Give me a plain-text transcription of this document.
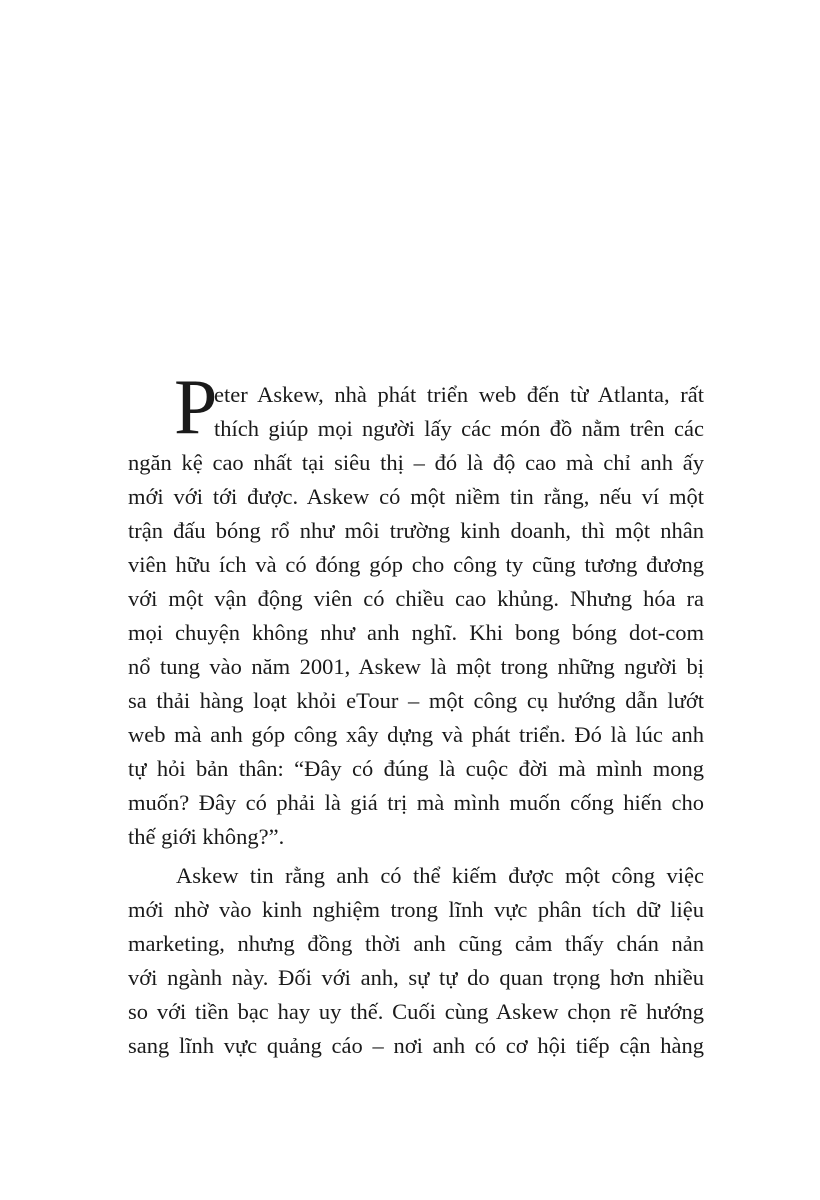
P
eter Askew, nhà phát triển web đến từ Atlanta, rất
thích giúp mọi người lấy các món đồ nằm trên các
ngăn kệ cao nhất tại siêu thị – đó là độ cao mà chỉ anh ấy
mới với tới được. Askew có một niềm tin rằng, nếu ví một
trận đấu bóng rổ như môi trường kinh doanh, thì một nhân
viên hữu ích và có đóng góp cho công ty cũng tương đương
với một vận động viên có chiều cao khủng. Nhưng hóa ra
mọi chuyện không như anh nghĩ. Khi bong bóng dot-com
nổ tung vào năm 2001, Askew là một trong những người bị
sa thải hàng loạt khỏi eTour – một công cụ hướng dẫn lướt
web mà anh góp công xây dựng và phát triển. Đó là lúc anh
tự hỏi bản thân: “Đây có đúng là cuộc đời mà mình mong
muốn? Đây có phải là giá trị mà mình muốn cống hiến cho
thế giới không?”.
Askew tin rằng anh có thể kiếm được một công việc
mới nhờ vào kinh nghiệm trong lĩnh vực phân tích dữ liệu
marketing, nhưng đồng thời anh cũng cảm thấy chán nản
với ngành này. Đối với anh, sự tự do quan trọng hơn nhiều
so với tiền bạc hay uy thế. Cuối cùng Askew chọn rẽ hướng
sang lĩnh vực quảng cáo – nơi anh có cơ hội tiếp cận hàng
